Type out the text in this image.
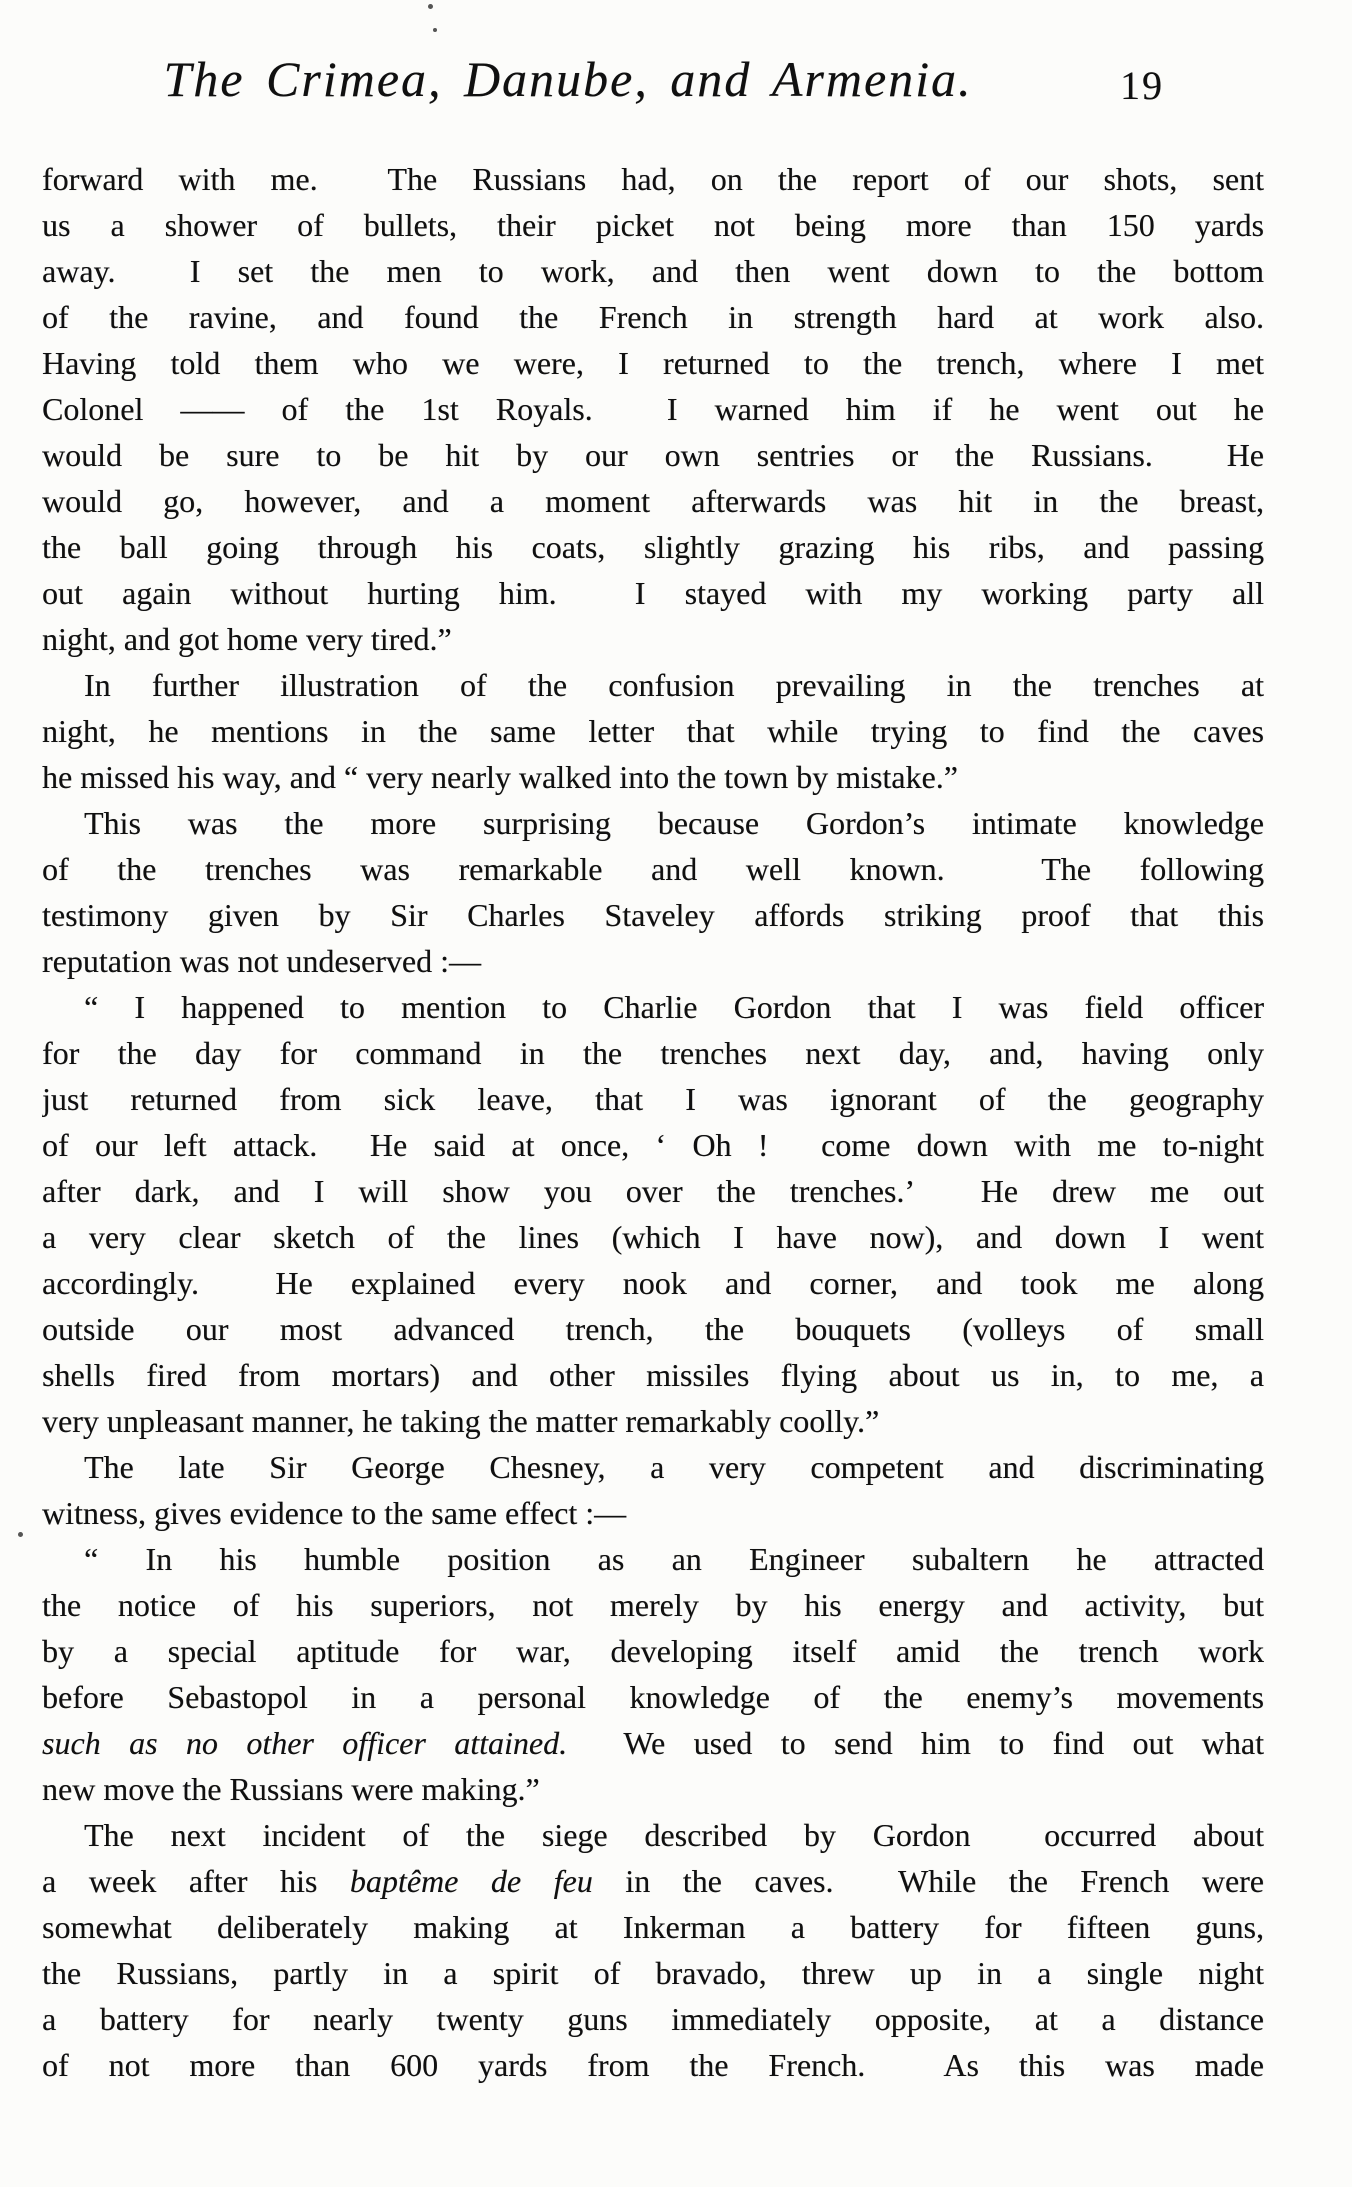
The Crimea, Danube, and Armenia.	19
forward with me.  The Russians had, on the report of our shots, sent
us a shower of bullets, their picket not being more than 150 yards
away.  I set the men to work, and then went down to the bottom
of the ravine, and found the French in strength hard at work also.
Having told them who we were, I returned to the trench, where I met
Colonel —— of the 1st Royals.  I warned him if he went out he
would be sure to be hit by our own sentries or the Russians.  He
would go, however, and a moment afterwards was hit in the breast,
the ball going through his coats, slightly grazing his ribs, and passing
out again without hurting him.  I stayed with my working party all
night, and got home very tired.”
In further illustration of the confusion prevailing in the trenches at
night, he mentions in the same letter that while trying to find the caves
he missed his way, and “ very nearly walked into the town by mistake.”
This was the more surprising because Gordon’s intimate knowledge
of the trenches was remarkable and well known.  The following
testimony given by Sir Charles Staveley affords striking proof that this
reputation was not undeserved :—
“ I happened to mention to Charlie Gordon that I was field officer
for the day for command in the trenches next day, and, having only
just returned from sick leave, that I was ignorant of the geography
of our left attack.  He said at once, ‘ Oh !  come down with me to-night
after dark, and I will show you over the trenches.’  He drew me out
a very clear sketch of the lines (which I have now), and down I went
accordingly.  He explained every nook and corner, and took me along
outside our most advanced trench, the bouquets (volleys of small
shells fired from mortars) and other missiles flying about us in, to me, a
very unpleasant manner, he taking the matter remarkably coolly.”
The late Sir George Chesney, a very competent and discriminating
witness, gives evidence to the same effect :—
“ In his humble position as an Engineer subaltern he attracted
the notice of his superiors, not merely by his energy and activity, but
by a special aptitude for war, developing itself amid the trench work
before Sebastopol in a personal knowledge of the enemy’s movements
such as no other officer attained.  We used to send him to find out what
new move the Russians were making.”
The next incident of the siege described by Gordon  occurred about
a week after his baptême de feu in the caves.  While the French were
somewhat deliberately making at Inkerman a battery for fifteen guns,
the Russians, partly in a spirit of bravado, threw up in a single night
a battery for nearly twenty guns immediately opposite, at a distance
of not more than 600 yards from the French.  As this was made
